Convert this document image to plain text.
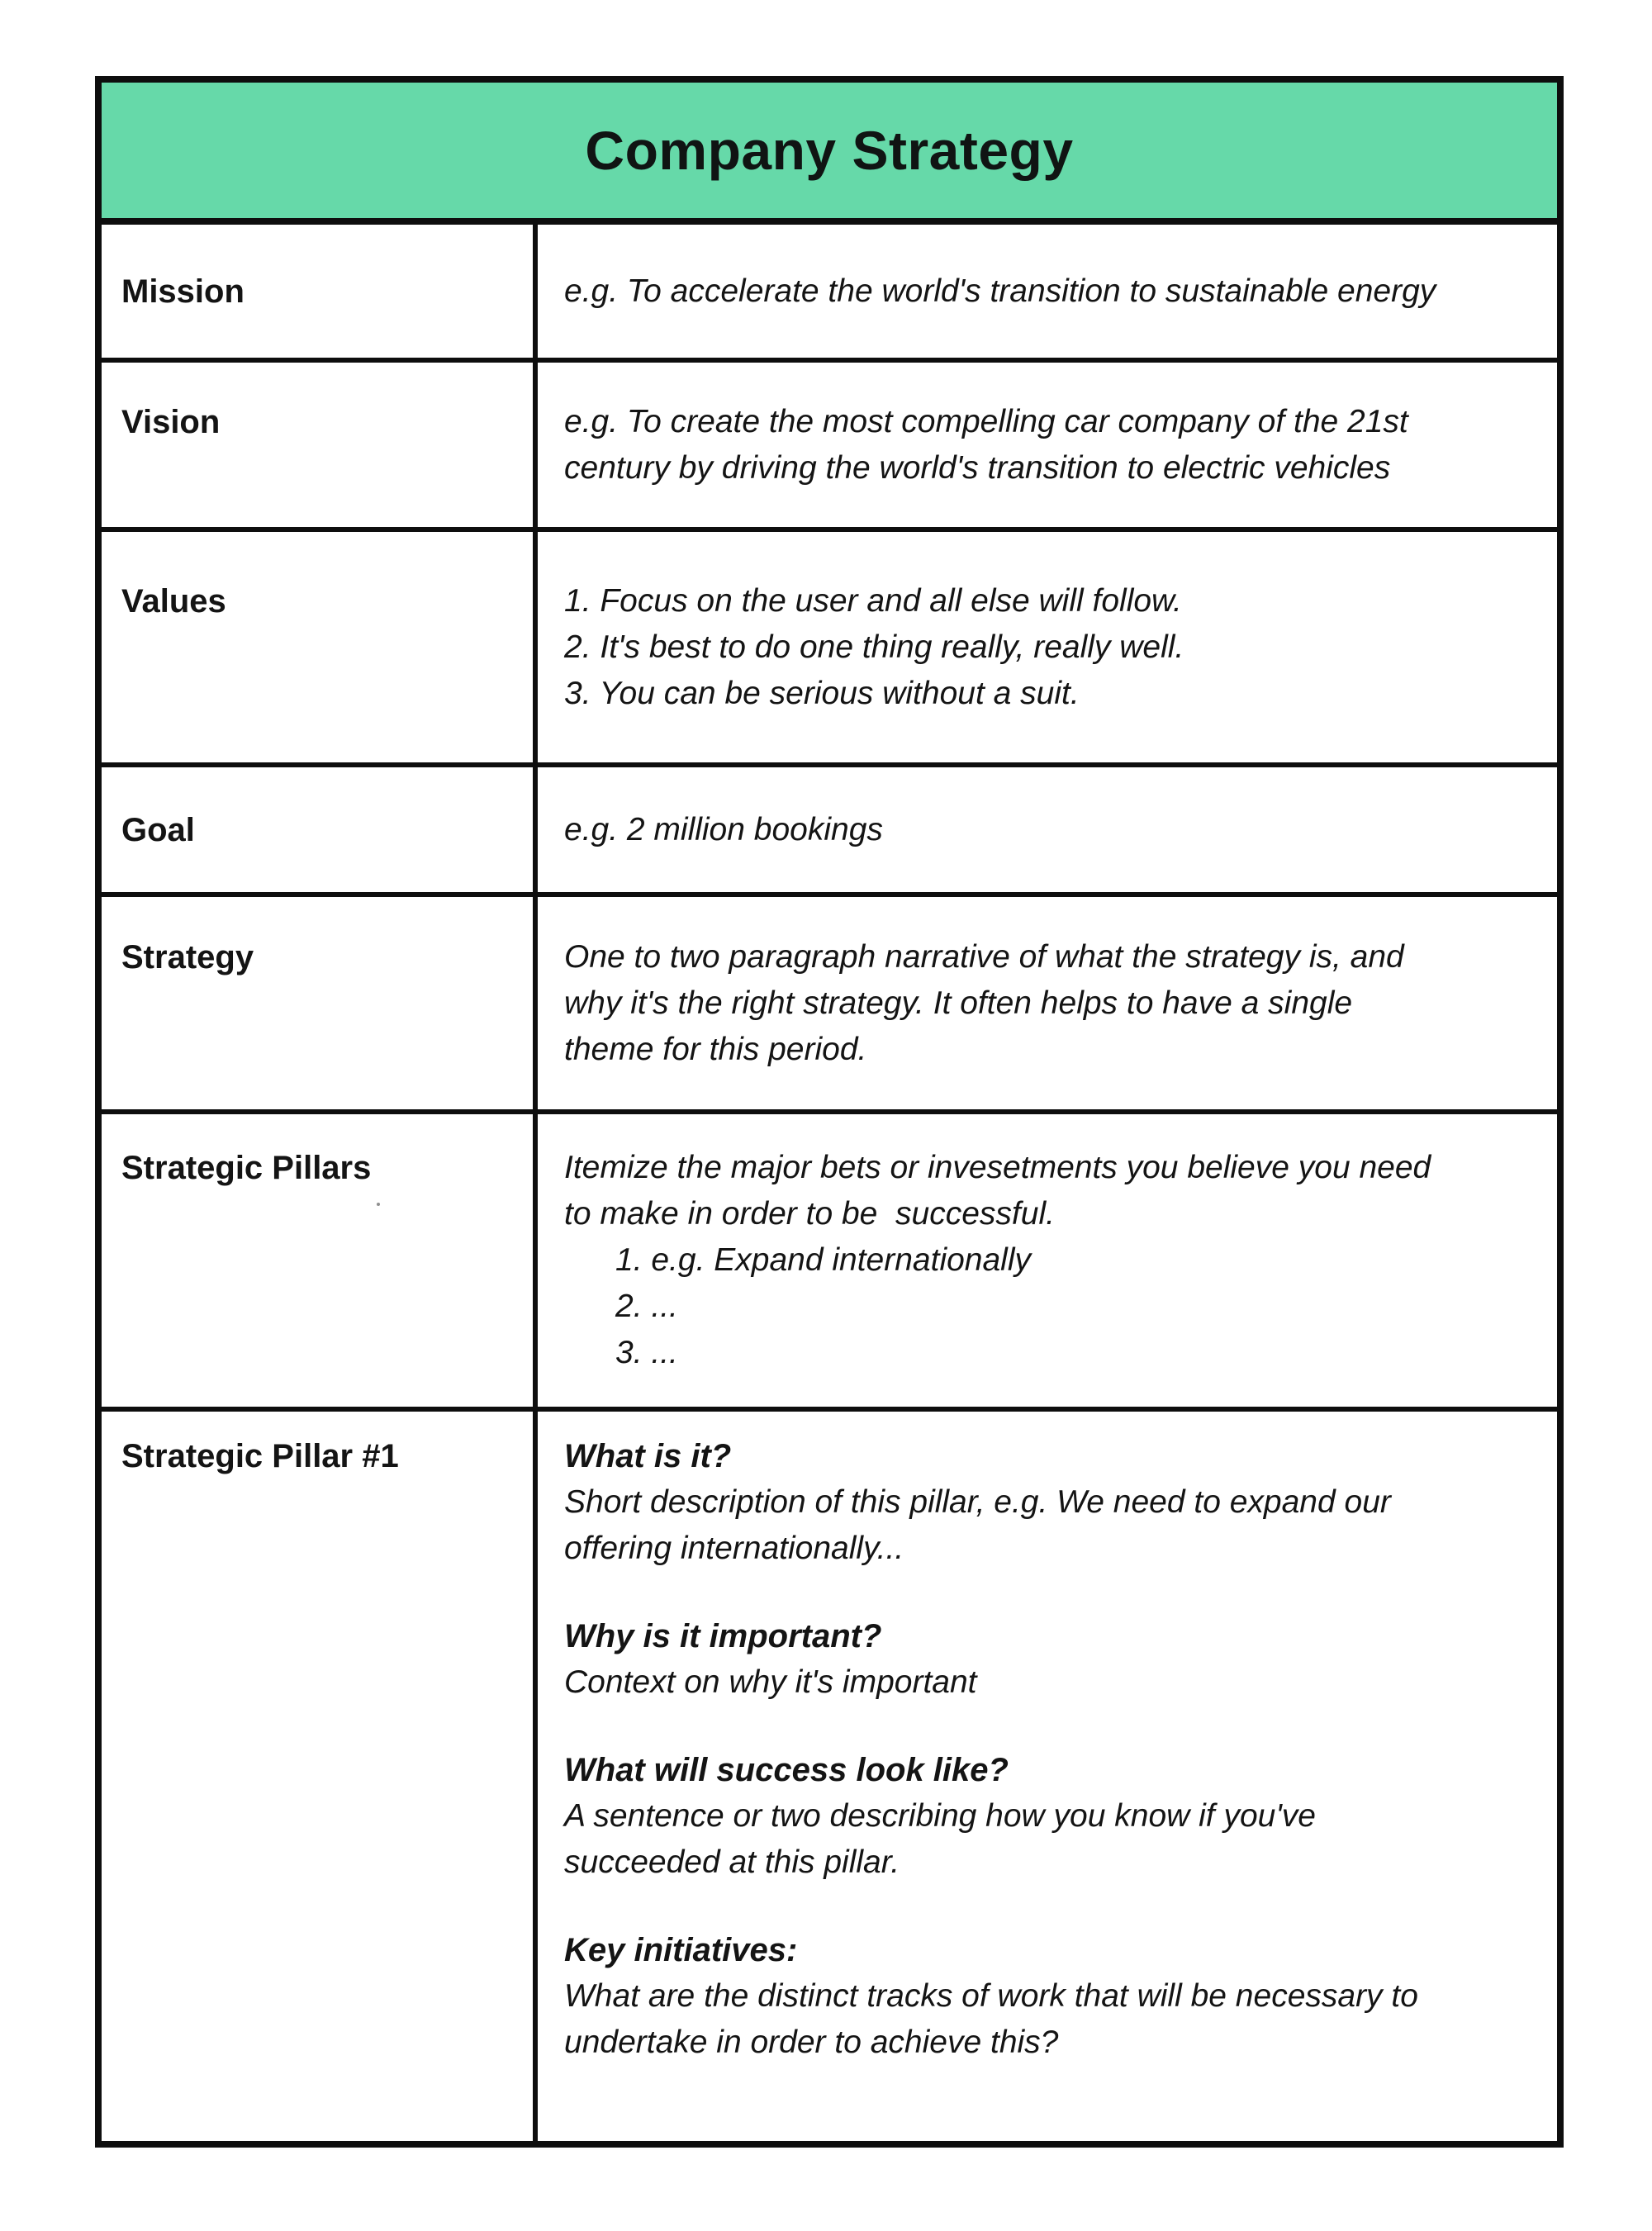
Company Strategy
Mission	e.g. To accelerate the world's transition to sustainable energy
Vision	e.g. To create the most compelling car company of the 21st
century by driving the world's transition to electric vehicles
Values	1. Focus on the user and all else will follow.
2. It's best to do one thing really, really well.
3. You can be serious without a suit.
Goal	e.g. 2 million bookings
Strategy	One to two paragraph narrative of what the strategy is, and
why it's the right strategy. It often helps to have a single
theme for this period.
Strategic Pillars	Itemize the major bets or invesetments you believe you need
to make in order to be  successful.
1. e.g. Expand internationally
2. ...
3. ...
Strategic Pillar #1	What is it?
Short description of this pillar, e.g. We need to expand our
offering internationally...
Why is it important?
Context on why it's important
What will success look like?
A sentence or two describing how you know if you've
succeeded at this pillar.
Key initiatives:
What are the distinct tracks of work that will be necessary to
undertake in order to achieve this?
